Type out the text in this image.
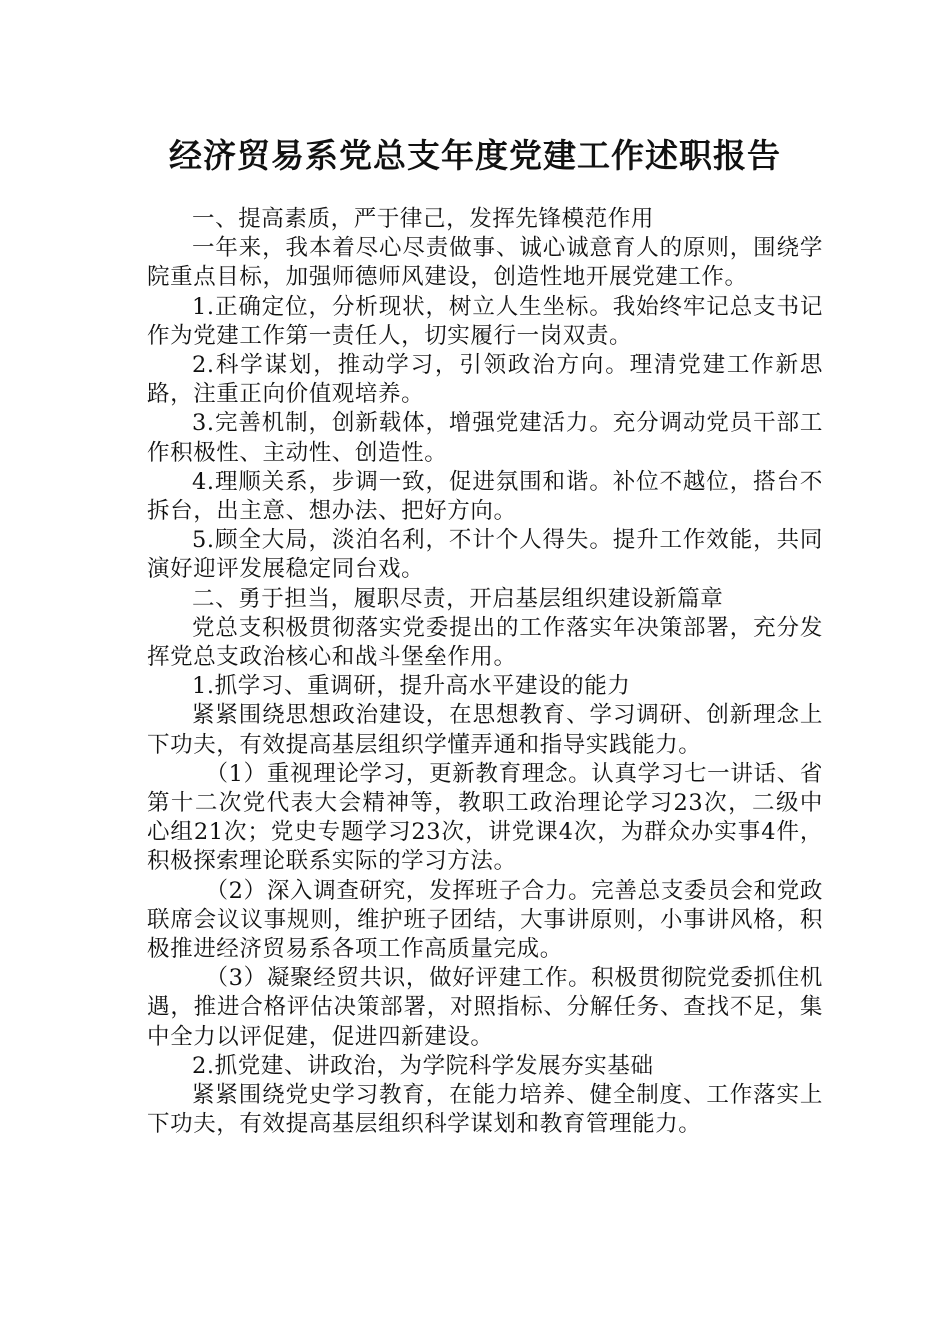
经济贸易系党总支年度党建工作述职报告

一、提高素质，严于律己，发挥先锋模范作用

一年来，我本着尽心尽责做事、诚心诚意育人的原则，围绕学院重点目标，加强师德师风建设，创造性地开展党建工作。

1.正确定位，分析现状，树立人生坐标。我始终牢记总支书记作为党建工作第一责任人，切实履行一岗双责。

2.科学谋划，推动学习，引领政治方向。理清党建工作新思路，注重正向价值观培养。

3.完善机制，创新载体，增强党建活力。充分调动党员干部工作积极性、主动性、创造性。

4.理顺关系，步调一致，促进氛围和谐。补位不越位，搭台不拆台，出主意、想办法、把好方向。

5.顾全大局，淡泊名利，不计个人得失。提升工作效能，共同演好迎评发展稳定同台戏。

二、勇于担当，履职尽责，开启基层组织建设新篇章

党总支积极贯彻落实党委提出的工作落实年决策部署，充分发挥党总支政治核心和战斗堡垒作用。

1.抓学习、重调研，提升高水平建设的能力

紧紧围绕思想政治建设，在思想教育、学习调研、创新理念上下功夫，有效提高基层组织学懂弄通和指导实践能力。

（1）重视理论学习，更新教育理念。认真学习七一讲话、省第十二次党代表大会精神等，教职工政治理论学习23次，二级中心组21次；党史专题学习23次，讲党课4次，为群众办实事4件，积极探索理论联系实际的学习方法。

（2）深入调查研究，发挥班子合力。完善总支委员会和党政联席会议议事规则，维护班子团结，大事讲原则，小事讲风格，积极推进经济贸易系各项工作高质量完成。

（3）凝聚经贸共识，做好评建工作。积极贯彻院党委抓住机遇，推进合格评估决策部署，对照指标、分解任务、查找不足，集中全力以评促建，促进四新建设。

2.抓党建、讲政治，为学院科学发展夯实基础

紧紧围绕党史学习教育，在能力培养、健全制度、工作落实上下功夫，有效提高基层组织科学谋划和教育管理能力。
